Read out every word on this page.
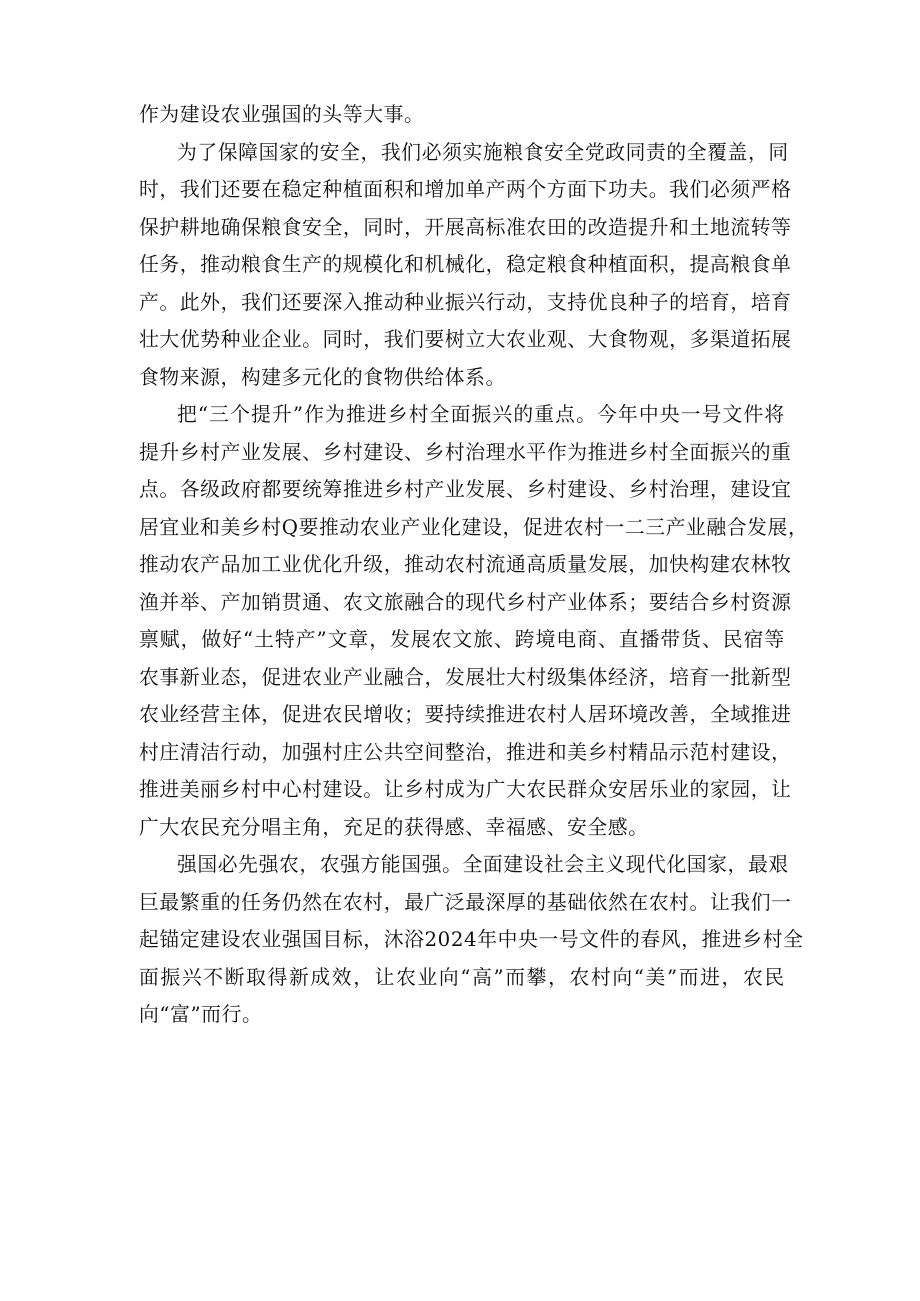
作为建设农业强国的头等大事。
为 了 保 障 国 家 的 安 全 ， 我 们 必 须 实 施 粮 食 安 全 党 政 同 责 的 全 覆 盖 ， 同
时 ， 我 们 还 要 在 稳 定 种 植 面 积 和 增 加 单 产 两 个 方 面 下 功 夫 。 我 们 必 须 严 格
保 护 耕 地 确 保 粮 食 安 全 ， 同 时 ， 开 展 高 标 准 农 田 的 改 造 提 升 和 土 地 流 转 等
任 务 ， 推 动 粮 食 生 产 的 规 模 化 和 机 械 化 ， 稳 定 粮 食 种 植 面 积 ， 提 高 粮 食 单
产 。 此 外 ， 我 们 还 要 深 入 推 动 种 业 振 兴 行 动 ， 支 持 优 良 种 子 的 培 育 ， 培 育
壮 大 优 势 种 业 企 业 。 同 时 ， 我 们 要 树 立 大 农 业 观 、 大 食 物 观 ， 多 渠 道 拓 展
食物来源，构建多元化的食物供给体系。
把 “ 三 个 提 升 ” 作 为 推 进 乡 村 全 面 振 兴 的 重 点 。 今 年 中 央 一 号 文 件 将
提 升 乡 村 产 业 发 展 、 乡 村 建 设 、 乡 村 治 理 水 平 作 为 推 进 乡 村 全 面 振 兴 的 重
点 。 各 级 政 府 都 要 统 筹 推 进 乡 村 产 业 发 展 、 乡 村 建 设 、 乡 村 治 理 ， 建 设 宜
居 宜 业 和 美 乡 村 Q 要 推 动 农 业 产 业 化 建 设 ， 促 进 农 村 一 二 三 产 业 融 合 发 展 ，
推 动 农 产 品 加 工 业 优 化 升 级 ， 推 动 农 村 流 通 高 质 量 发 展 ， 加 快 构 建 农 林 牧
渔 并 举 、 产 加 销 贯 通 、 农 文 旅 融 合 的 现 代 乡 村 产 业 体 系 ； 要 结 合 乡 村 资 源
禀 赋 ， 做 好 “ 土 特 产 ” 文 章 ， 发 展 农 文 旅 、 跨 境 电 商 、 直 播 带 货 、 民 宿 等
农 事 新 业 态 ， 促 进 农 业 产 业 融 合 ， 发 展 壮 大 村 级 集 体 经 济 ， 培 育 一 批 新 型
农 业 经 营 主 体 ， 促 进 农 民 增 收 ； 要 持 续 推 进 农 村 人 居 环 境 改 善 ， 全 域 推 进
村 庄 清 洁 行 动 ， 加 强 村 庄 公 共 空 间 整 治 ， 推 进 和 美 乡 村 精 品 示 范 村 建 设 ，
推 进 美 丽 乡 村 中 心 村 建 设 。 让 乡 村 成 为 广 大 农 民 群 众 安 居 乐 业 的 家 园 ， 让
广大农民充分唱主角，充足的获得感、幸福感、安全感。
强 国 必 先 强 农 ， 农 强 方 能 国 强 。 全 面 建 设 社 会 主 义 现 代 化 国 家 ， 最 艰
巨 最 繁 重 的 任 务 仍 然 在 农 村 ， 最 广 泛 最 深 厚 的 基 础 依 然 在 农 村 。 让 我 们 一
起 锚 定 建 设 农 业 强 国 目 标 ， 沐 浴 2024 年 中 央 一 号 文 件 的 春 风 ， 推 进 乡 村 全
面 振 兴 不 断 取 得 新 成 效 ， 让 农 业 向 “ 高 ” 而 攀 ， 农 村 向 “ 美 ” 而 进 ， 农 民
向“富”而行。
